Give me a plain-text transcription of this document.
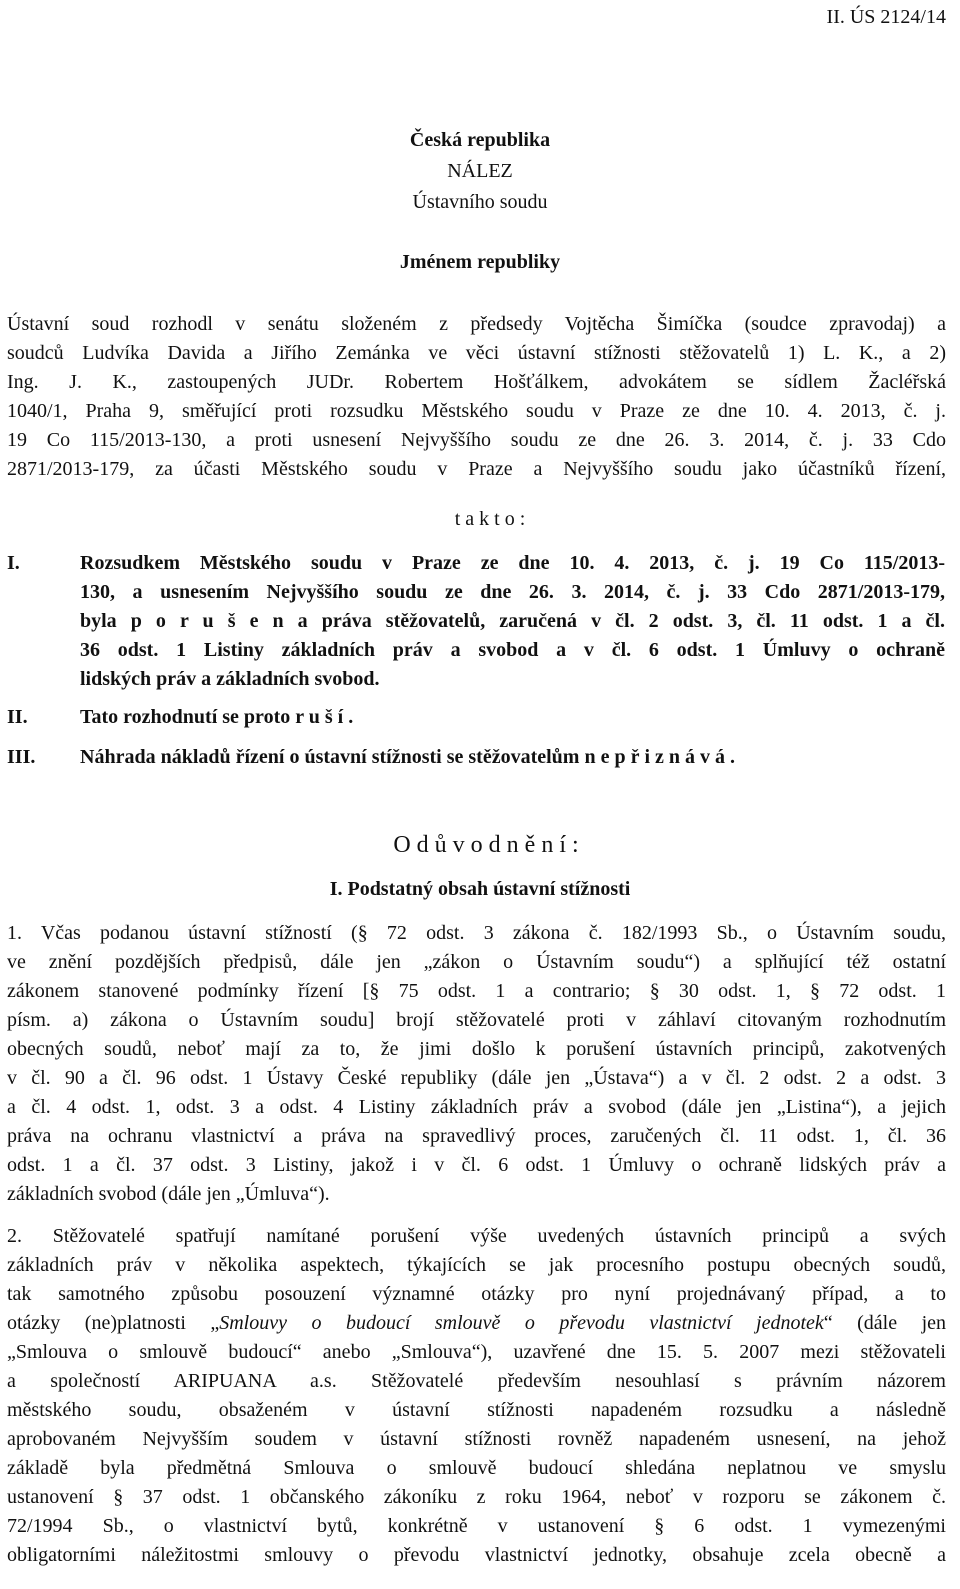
II. ÚS 2124/14
Česká republika
NÁLEZ
Ústavního soudu
Jménem republiky
Ústavní soud rozhodl v senátu složeném z předsedy Vojtěcha Šimíčka (soudce zpravodaj) a
soudců Ludvíka Davida a Jiřího Zemánka ve věci ústavní stížnosti stěžovatelů 1) L. K., a 2)
Ing. J. K., zastoupených JUDr. Robertem Hošťálkem, advokátem se sídlem Žacléřská
1040/1, Praha 9, směřující proti rozsudku Městského soudu v Praze ze dne 10. 4. 2013, č. j.
19 Co 115/2013-130, a proti usnesení Nejvyššího soudu ze dne 26. 3. 2014, č. j. 33 Cdo
2871/2013-179, za účasti Městského soudu v Praze a Nejvyššího soudu jako účastníků řízení,
t a k t o :
I.	Rozsudkem Městského soudu v Praze ze dne 10. 4. 2013, č. j. 19 Co 115/2013-
130, a usnesením Nejvyššího soudu ze dne 26. 3. 2014, č. j. 33 Cdo 2871/2013-179,
byla p o r u š e n a práva stěžovatelů, zaručená v čl. 2 odst. 3, čl. 11 odst. 1 a čl.
36 odst. 1 Listiny základních práv a svobod a v čl. 6 odst. 1 Úmluvy o ochraně
lidských práv a základních svobod.
II.	Tato rozhodnutí se proto r u š í .
III. Náhrada nákladů řízení o ústavní stížnosti se stěžovatelům n e p ř i z n á v á .
O d ů v o d n ě n í :
I. Podstatný obsah ústavní stížnosti
1. Včas podanou ústavní stížností (§ 72 odst. 3 zákona č. 182/1993 Sb., o Ústavním soudu,
ve znění pozdějších předpisů, dále jen „zákon o Ústavním soudu“) a splňující též ostatní
zákonem stanovené podmínky řízení [§ 75 odst. 1 a contrario; § 30 odst. 1, § 72 odst. 1
písm. a) zákona o Ústavním soudu] brojí stěžovatelé proti v záhlaví citovaným rozhodnutím
obecných soudů, neboť mají za to, že jimi došlo k porušení ústavních principů, zakotvených
v čl. 90 a čl. 96 odst. 1 Ústavy České republiky (dále jen „Ústava“) a v čl. 2 odst. 2 a odst. 3
a čl. 4 odst. 1, odst. 3 a odst. 4 Listiny základních práv a svobod (dále jen „Listina“), a jejich
práva na ochranu vlastnictví a práva na spravedlivý proces, zaručených čl. 11 odst. 1, čl. 36
odst. 1 a čl. 37 odst. 3 Listiny, jakož i v čl. 6 odst. 1 Úmluvy o ochraně lidských práv a
základních svobod (dále jen „Úmluva“).
2. Stěžovatelé spatřují namítané porušení výše uvedených ústavních principů a svých
základních práv v několika aspektech, týkajících se jak procesního postupu obecných soudů,
tak samotného způsobu posouzení významné otázky pro nyní projednávaný případ, a to
otázky (ne)platnosti „Smlouvy o budoucí smlouvě o převodu vlastnictví jednotek“ (dále jen
„Smlouva o smlouvě budoucí“ anebo „Smlouva“), uzavřené dne 15. 5. 2007 mezi stěžovateli
a společností ARIPUANA a.s. Stěžovatelé především nesouhlasí s právním názorem
městského soudu, obsaženém v ústavní stížnosti napadeném rozsudku a následně
aprobovaném Nejvyšším soudem v ústavní stížnosti rovněž napadeném usnesení, na jehož
základě byla předmětná Smlouva o smlouvě budoucí shledána neplatnou ve smyslu
ustanovení § 37 odst. 1 občanského zákoníku z roku 1964, neboť v rozporu se zákonem č.
72/1994 Sb., o vlastnictví bytů, konkrétně v ustanovení § 6 odst. 1 vymezenými
obligatorními náležitostmi smlouvy o převodu vlastnictví jednotky, obsahuje zcela obecně a
